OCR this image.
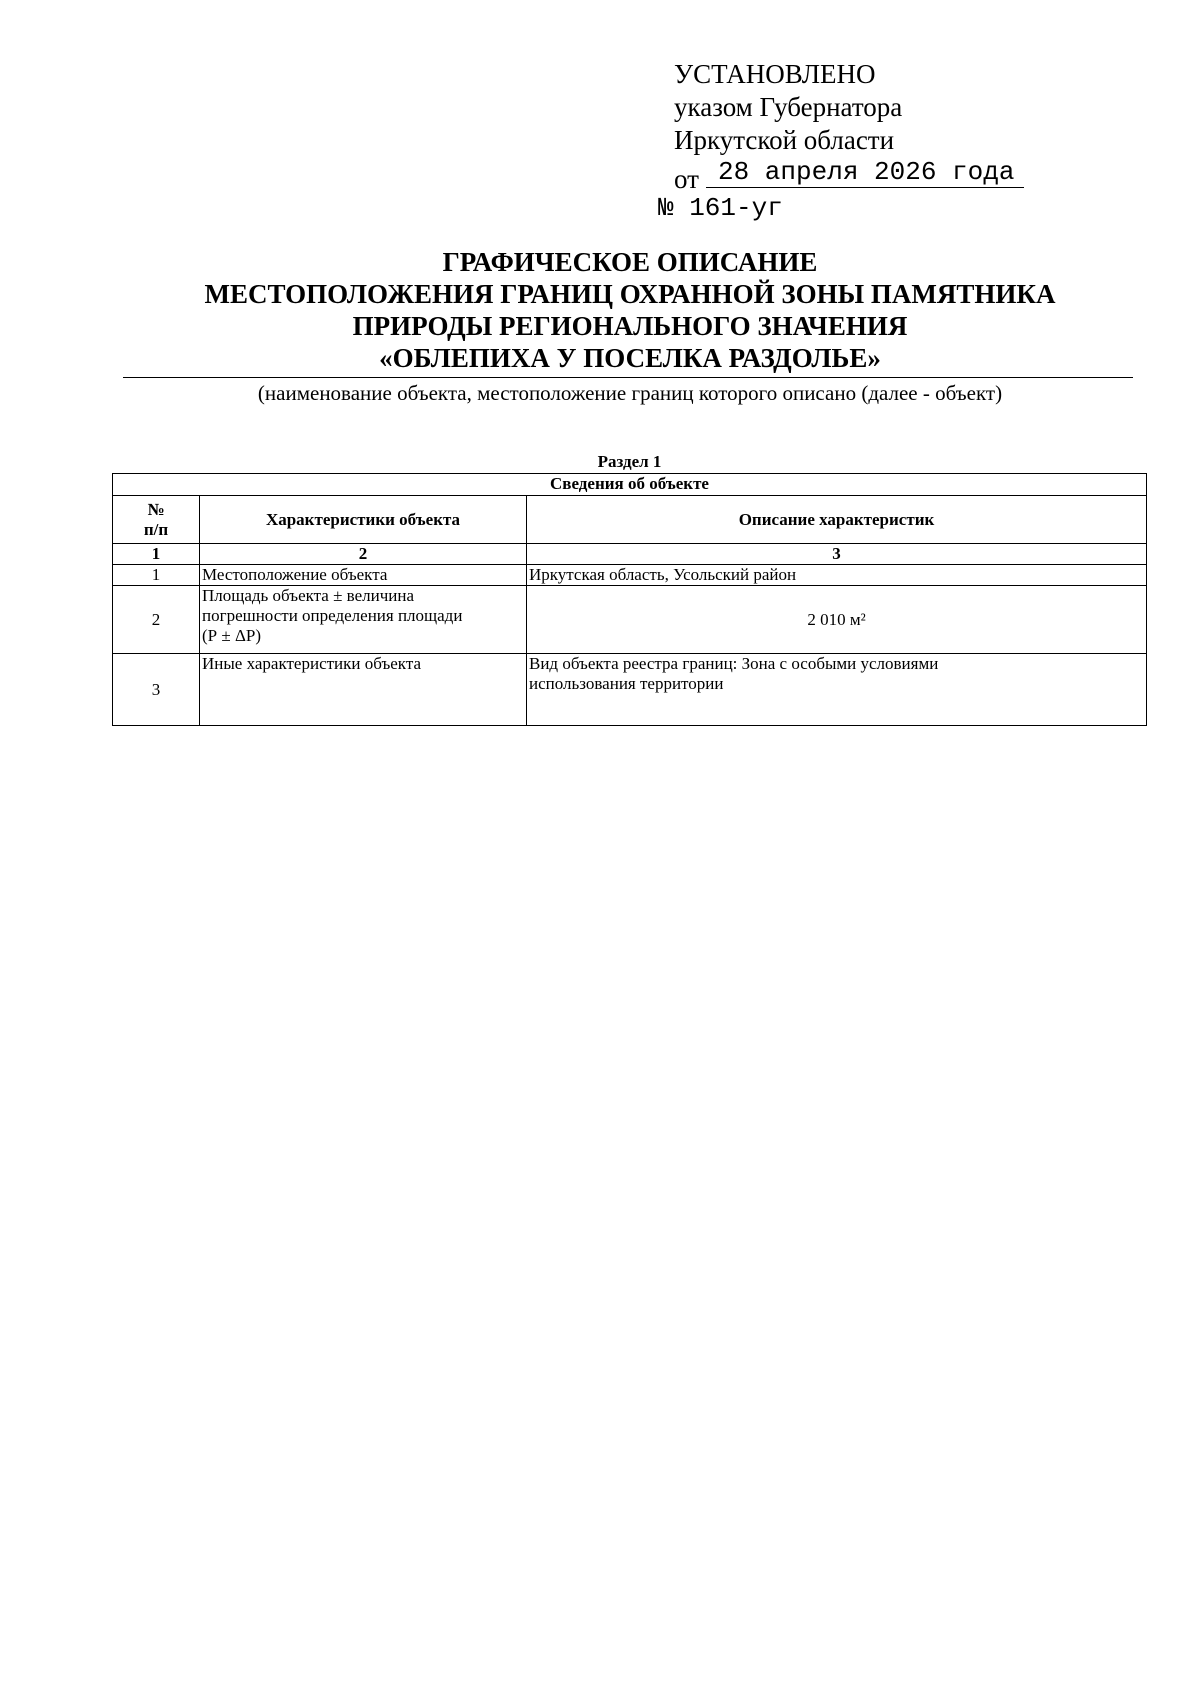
УСТАНОВЛЕНО
указом Губернатора
Иркутской области
от 28 апреля 2026 года
№ 161-уг
ГРАФИЧЕСКОЕ ОПИСАНИЕ
МЕСТОПОЛОЖЕНИЯ ГРАНИЦ ОХРАННОЙ ЗОНЫ ПАМЯТНИКА
ПРИРОДЫ РЕГИОНАЛЬНОГО ЗНАЧЕНИЯ
«ОБЛЕПИХА У ПОСЕЛКА РАЗДОЛЬЕ»
(наименование объекта, местоположение границ которого описано (далее - объект)
Раздел 1
Сведения об объекте		

№
п/п	Характеристики объекта	Описание характеристик
1	2	3
1	Местоположение объекта	Иркутская область, Усольский район
2	Площадь объекта ± величина
погрешности определения площади
(Р ± ΔР)	2 010 м²
3	Иные характеристики объекта	Вид объекта реестра границ: Зона с особыми условиями
использования территории
